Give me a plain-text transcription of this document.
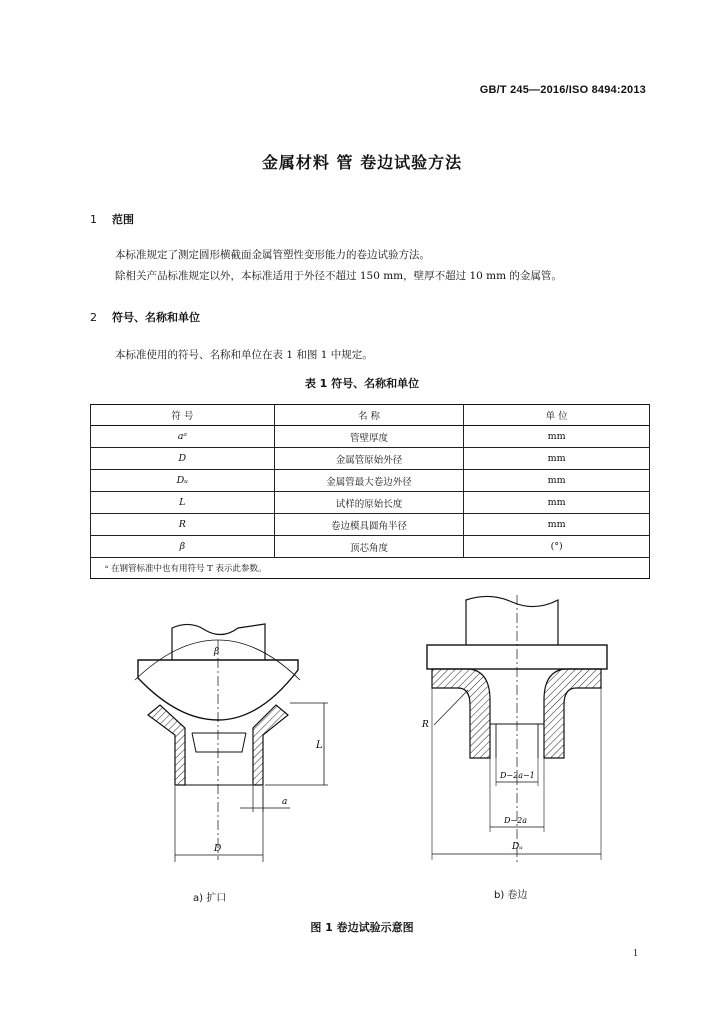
GB/T 245—2016/ISO 8494:2013
金属材料 管 卷边试验方法
1 范围
本标准规定了测定圆形横截面金属管塑性变形能力的卷边试验方法。
除相关产品标准规定以外，本标准适用于外径不超过 150 mm，壁厚不超过 10 mm 的金属管。
2 符号、名称和单位
本标准使用的符号、名称和单位在表 1 和图 1 中规定。
表 1 符号、名称和单位
符 号	名 称	单 位
aᵃ	管壁厚度	mm
D	金属管原始外径	mm
Dᵤ	金属管最大卷边外径	mm
L	试样的原始长度	mm
R	卷边模具圆角半径	mm
β	顶芯角度	(°)
ᵃ 在钢管标准中也有用符号 T 表示此参数。		
L
a
D
β
R
D−2a−1
D−2a
Dᵤ
a) 扩口	b) 卷边
图 1 卷边试验示意图
1
